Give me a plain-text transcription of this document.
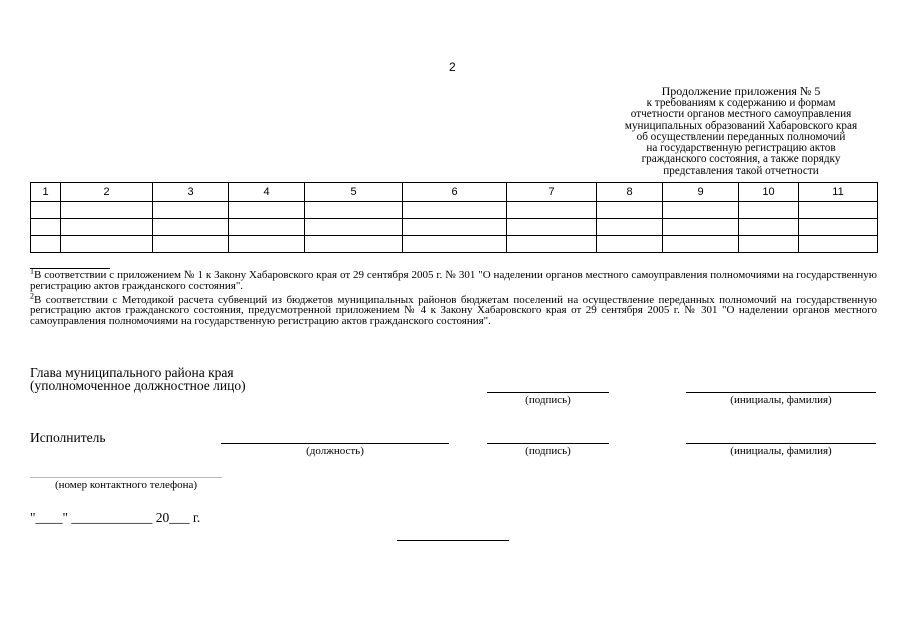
2
Продолжение приложения № 5
к требованиям к содержанию и формам
отчетности органов местного самоуправления
муниципальных образований Хабаровского края
об осуществлении переданных полномочий
на государственную регистрацию актов
гражданского состояния, а также порядку
представления такой отчетности
1	2	3	4	5	6	7	8	9	10	11

$^1$В соответствии с приложением № 1 к Закону Хабаровского края от 29 сентября 2005 г. № 301 "О наделении органов местного самоуправления полномочиями на государственную регистрацию актов гражданского состояния".

$^2$В соответствии с Методикой расчета субвенций из бюджетов муниципальных районов бюджетам поселений на осуществление переданных полномочий на государственную регистрацию актов гражданского состояния, предусмотренной приложением № 4 к Закону Хабаровского края от 29 сентября 2005 г. № 301 "О наделении органов местного самоуправления полномочиями на государственную регистрацию актов гражданского состояния".

Глава муниципального района края
(уполномоченное должностное лицо)
(подпись)	(инициалы, фамилия)
Исполнитель
(должность)	(подпись)	(инициалы, фамилия)
(номер контактного телефона)
"____" ____________ 20___ г.
